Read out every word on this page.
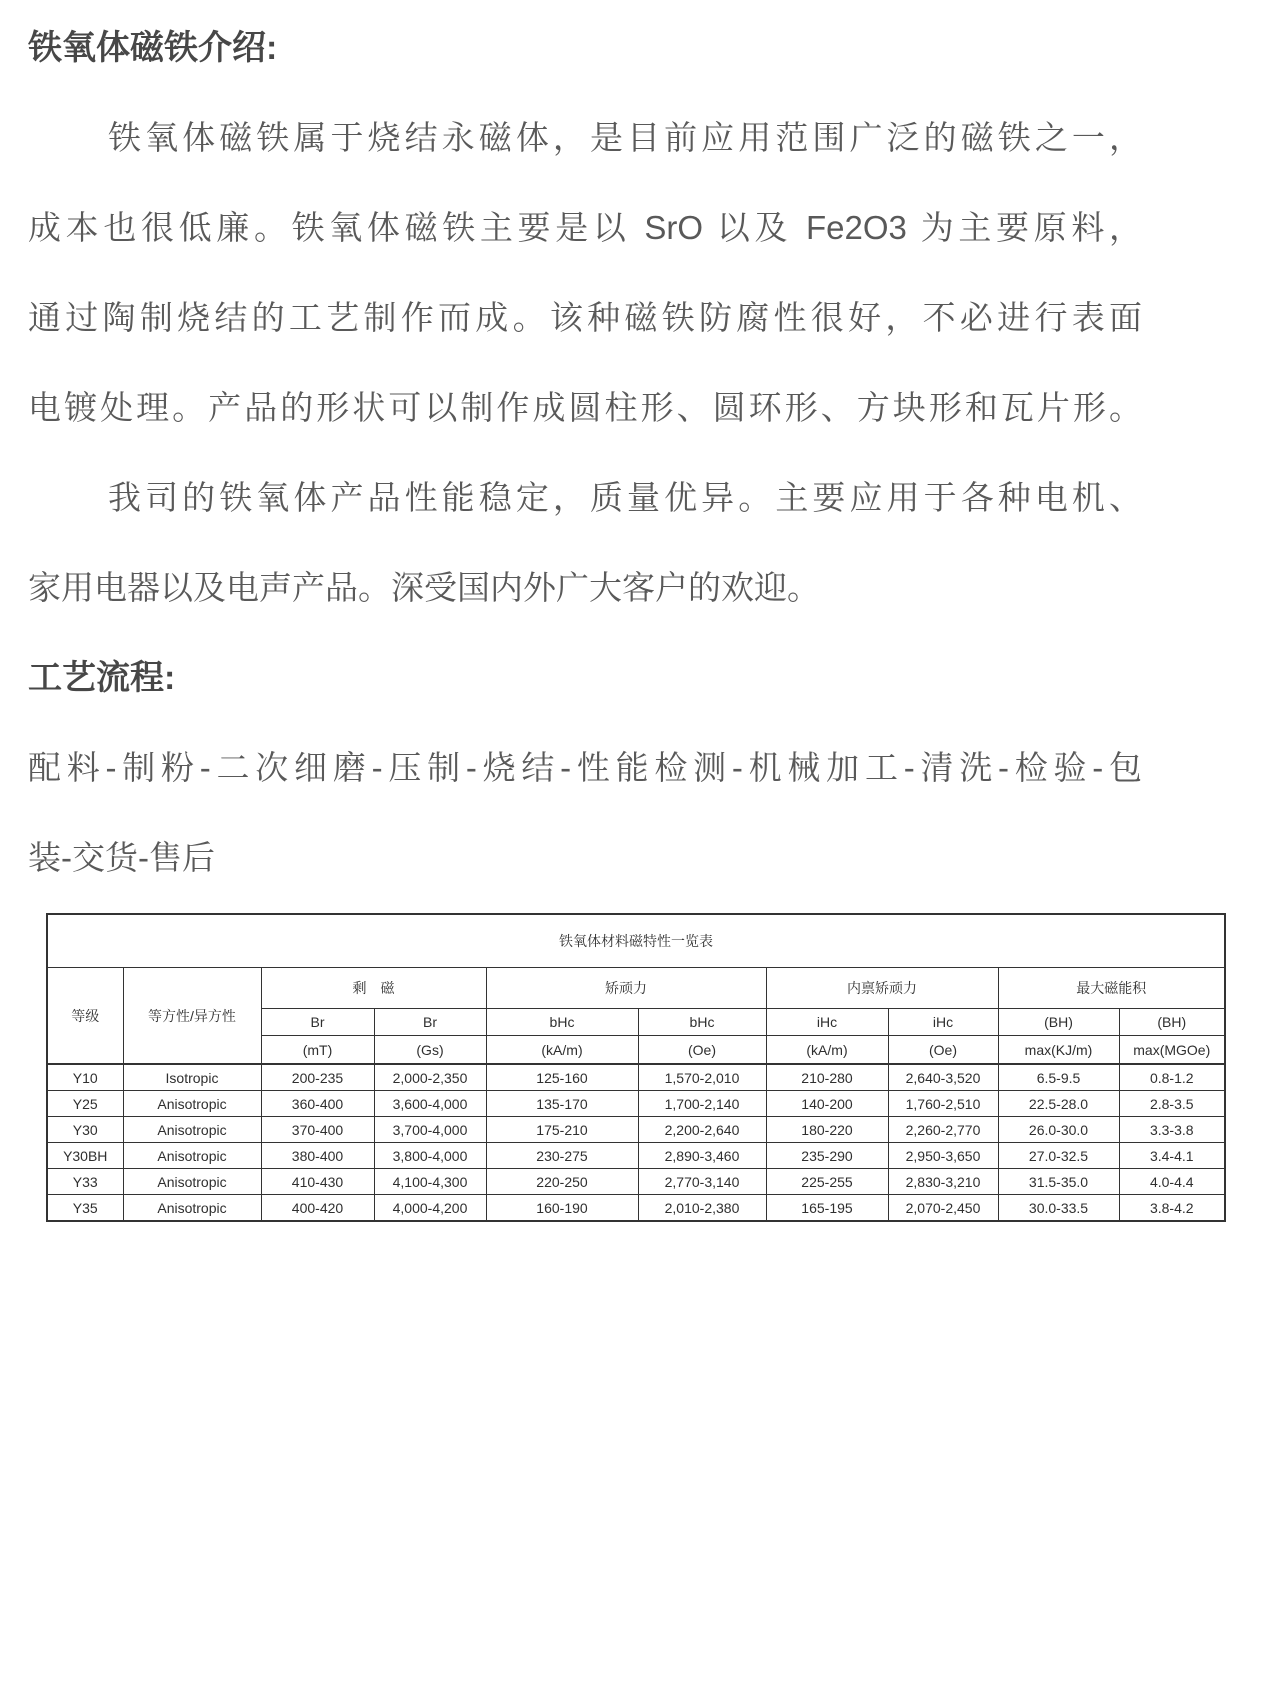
铁氧体磁铁介绍:
铁氧体磁铁属于烧结永磁体，是目前应用范围广泛的磁铁之一，
成本也很低廉。铁氧体磁铁主要是以 SrO 以及 Fe2O3 为主要原料，
通过陶制烧结的工艺制作而成。该种磁铁防腐性很好，不必进行表面
电镀处理。产品的形状可以制作成圆柱形、圆环形、方块形和瓦片形。
我司的铁氧体产品性能稳定，质量优异。主要应用于各种电机、
家用电器以及电声产品。深受国内外广大客户的欢迎。
工艺流程:
配料-制粉-二次细磨-压制-烧结-性能检测-机械加工-清洗-检验-包
装-交货-售后
铁氧体材料磁特性一览表									
等级	等方性/异方性	剩　磁		矫顽力		内禀矫顽力		最大磁能积	
		Br	Br	bHc	bHc	iHc	iHc	(BH)	(BH)
		(mT)	(Gs)	(kA/m)	(Oe)	(kA/m)	(Oe)	max(KJ/m)	max(MGOe)
Y10	Isotropic	200-235	2,000-2,350	125-160	1,570-2,010	210-280	2,640-3,520	6.5-9.5	0.8-1.2
Y25	Anisotropic	360-400	3,600-4,000	135-170	1,700-2,140	140-200	1,760-2,510	22.5-28.0	2.8-3.5
Y30	Anisotropic	370-400	3,700-4,000	175-210	2,200-2,640	180-220	2,260-2,770	26.0-30.0	3.3-3.8
Y30BH	Anisotropic	380-400	3,800-4,000	230-275	2,890-3,460	235-290	2,950-3,650	27.0-32.5	3.4-4.1
Y33	Anisotropic	410-430	4,100-4,300	220-250	2,770-3,140	225-255	2,830-3,210	31.5-35.0	4.0-4.4
Y35	Anisotropic	400-420	4,000-4,200	160-190	2,010-2,380	165-195	2,070-2,450	30.0-33.5	3.8-4.2
